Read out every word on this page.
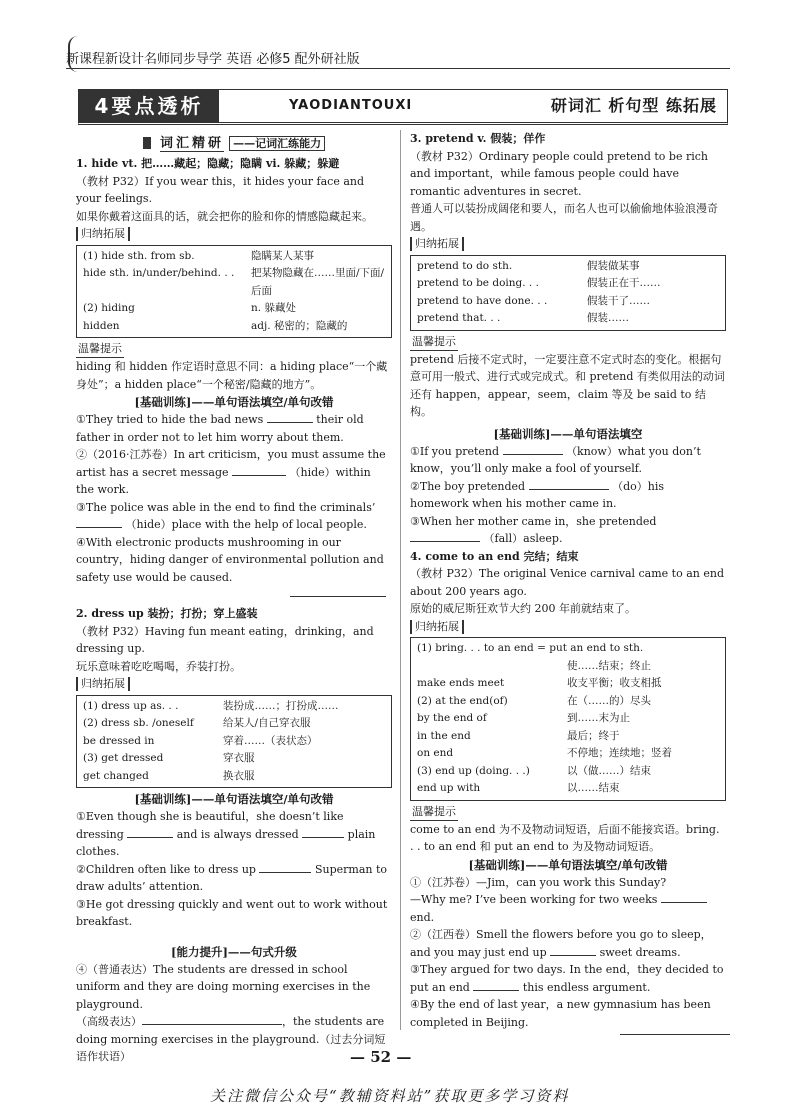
新课程新设计名师同步导学 英语 必修5 配外研社版
4要点透析	YAODIANTOUXI	研词汇 析句型 练拓展
词汇精研 ——记词汇练能力

1. hide vt. 把……藏起；隐藏；隐瞒 vi. 躲藏；躲避

（教材 P32）If you wear this，it hides your face and your feelings.

如果你戴着这面具的话，就会把你的脸和你的情感隐藏起来。

归纳拓展

(1) hide sth. from sb.	隐瞒某人某事
hide sth. in/under/behind. . .	把某物隐藏在……里面/下面/后面
(2) hiding	n. 躲藏处
hidden	adj. 秘密的；隐藏的

温馨提示

hiding 和 hidden 作定语时意思不同：a hiding place“一个藏身处”；a hidden place“一个秘密/隐藏的地方”。

[基础训练]——单句语法填空/单句改错

①They tried to hide the bad news	their old father in order not to let him worry about them.

②（2016·江苏卷）In art criticism，you must assume the artist has a secret message	（hide）within the work.

③The police was able in the end to find the criminals’  （hide）place with the help of local people.

④With electronic products mushrooming in our country，hiding danger of environmental pollution and safety use would be caused.

2. dress up 装扮；打扮；穿上盛装

（教材 P32）Having fun meant eating，drinking，and dressing up.

玩乐意味着吃吃喝喝，乔装打扮。

归纳拓展

(1) dress up as. . .	装扮成……；打扮成……
(2) dress sb. /oneself	给某人/自己穿衣服
be dressed in	穿着……（表状态）
(3) get dressed	穿衣服
get changed	换衣服

[基础训练]——单句语法填空/单句改错

①Even though she is beautiful，she doesn’t like dressing	and is always dressed	plain clothes.

②Children often like to dress up	Superman to draw adults’ attention.

③He got dressing quickly and went out to work without breakfast.

[能力提升]——句式升级

④（普通表达）The students are dressed in school uniform and they are doing morning exercises in the playground.

（高级表达）	，the students are doing morning exercises in the playground.（过去分词短语作状语）

3. pretend v. 假装；佯作

（教材 P32）Ordinary people could pretend to be rich and important，while famous people could have romantic adventures in secret.

普通人可以装扮成阔佬和要人，而名人也可以偷偷地体验浪漫奇遇。

归纳拓展

pretend to do sth.	假装做某事
pretend to be doing. . .	假装正在干……
pretend to have done. . .	假装干了……
pretend that. . .	假装……

温馨提示

pretend 后接不定式时，一定要注意不定式时态的变化。根据句意可用一般式、进行式或完成式。和 pretend 有类似用法的动词还有 happen，appear，seem，claim 等及 be said to 结构。

[基础训练]——单句语法填空

①If you pretend	（know）what you don’t know，you’ll only make a fool of yourself.

②The boy pretended	（do）his homework when his mother came in.

③When her mother came in，she pretended  （fall）asleep.

4. come to an end 完结；结束

（教材 P32）The original Venice carnival came to an end about 200 years ago.

原始的威尼斯狂欢节大约 200 年前就结束了。

归纳拓展

(1) bring. . . to an end = put an end to sth.	
	使……结束；终止
make ends meet	收支平衡；收支相抵
(2) at the end(of)	在（……的）尽头
by the end of	到……末为止
in the end	最后；终于
on end	不停地；连续地；竖着
(3) end up (doing. . .)	以（做……）结束
end up with	以……结束

温馨提示

come to an end 为不及物动词短语，后面不能接宾语。bring. . . to an end 和 put an end to 为及物动词短语。

[基础训练]——单句语法填空/单句改错

①（江苏卷）—Jim，can you work this Sunday?

—Why me? I’ve been working for two weeks  end.

②（江西卷）Smell the flowers before you go to sleep，and you may just end up	sweet dreams.

③They argued for two days. In the end，they decided to put an end	this endless argument.

④By the end of last year，a new gymnasium has been completed in Beijing.

— 52 —
关注微信公众号“教辅资料站”获取更多学习资料
